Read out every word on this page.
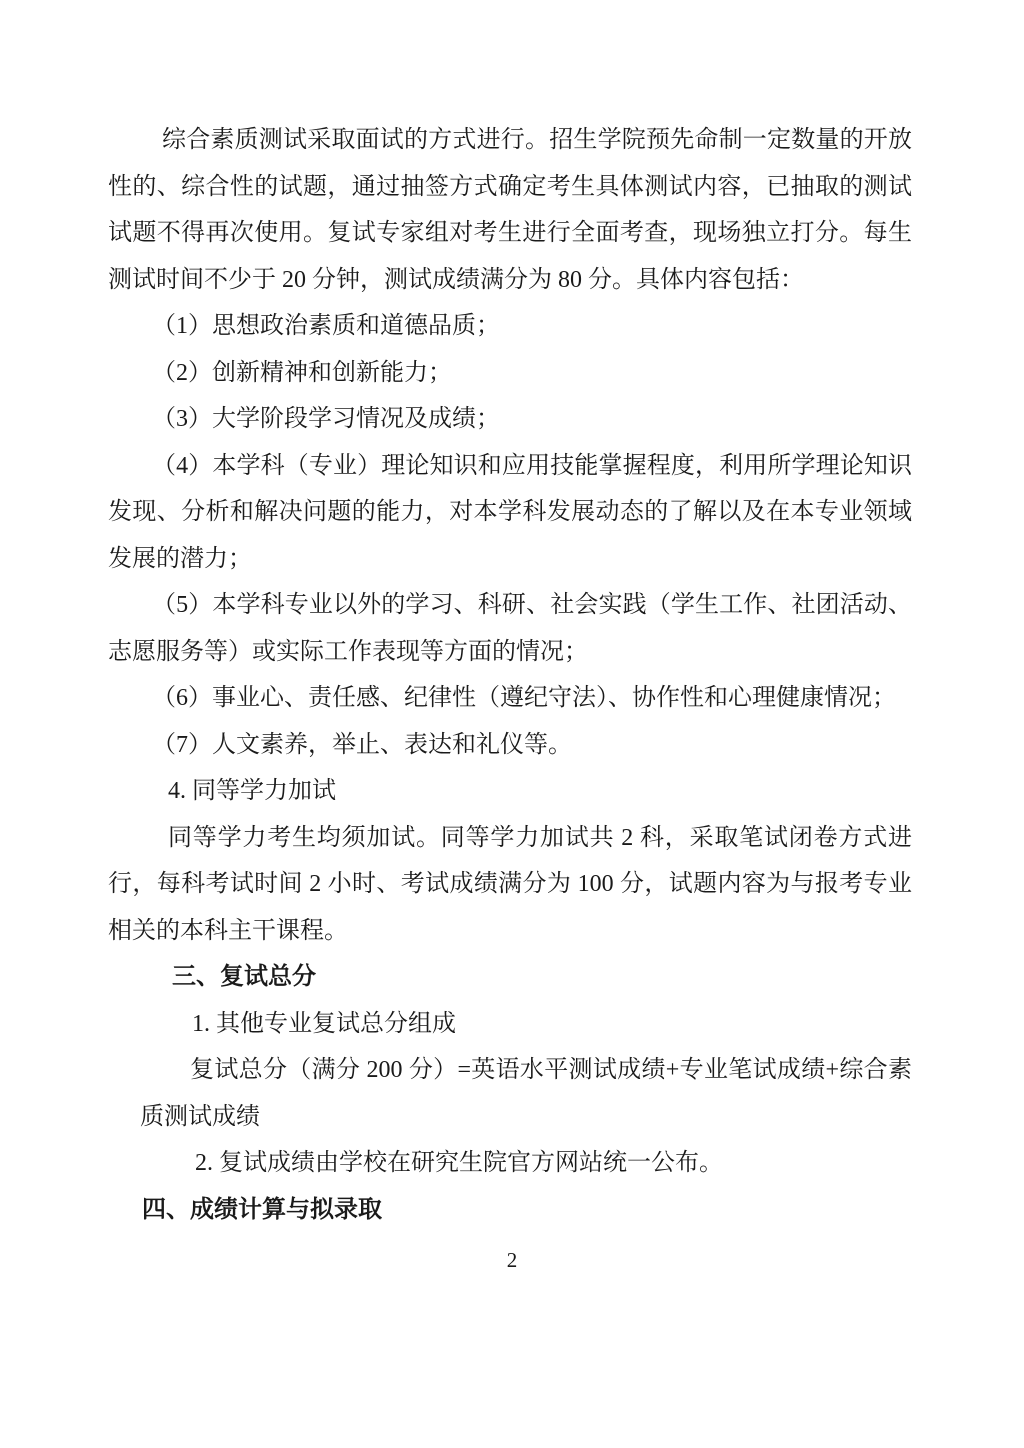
综合素质测试采取面试的方式进行。招生学院预先命制一定数量的开放性的、综合性的试题，通过抽签方式确定考生具体测试内容，已抽取的测试试题不得再次使用。复试专家组对考生进行全面考查，现场独立打分。每生测试时间不少于 20 分钟，测试成绩满分为 80 分。具体内容包括：

（1）思想政治素质和道德品质；

（2）创新精神和创新能力；

（3）大学阶段学习情况及成绩；

（4）本学科（专业）理论知识和应用技能掌握程度，利用所学理论知识发现、分析和解决问题的能力，对本学科发展动态的了解以及在本专业领域发展的潜力；

（5）本学科专业以外的学习、科研、社会实践（学生工作、社团活动、志愿服务等）或实际工作表现等方面的情况；

（6）事业心、责任感、纪律性（遵纪守法）、协作性和心理健康情况；

（7）人文素养，举止、表达和礼仪等。

4. 同等学力加试

同等学力考生均须加试。同等学力加试共 2 科，采取笔试闭卷方式进行，每科考试时间 2 小时、考试成绩满分为 100 分，试题内容为与报考专业相关的本科主干课程。

三、复试总分

1. 其他专业复试总分组成

复试总分（满分 200 分）=英语水平测试成绩+专业笔试成绩+综合素质测试成绩

2. 复试成绩由学校在研究生院官方网站统一公布。

四、成绩计算与拟录取

2
